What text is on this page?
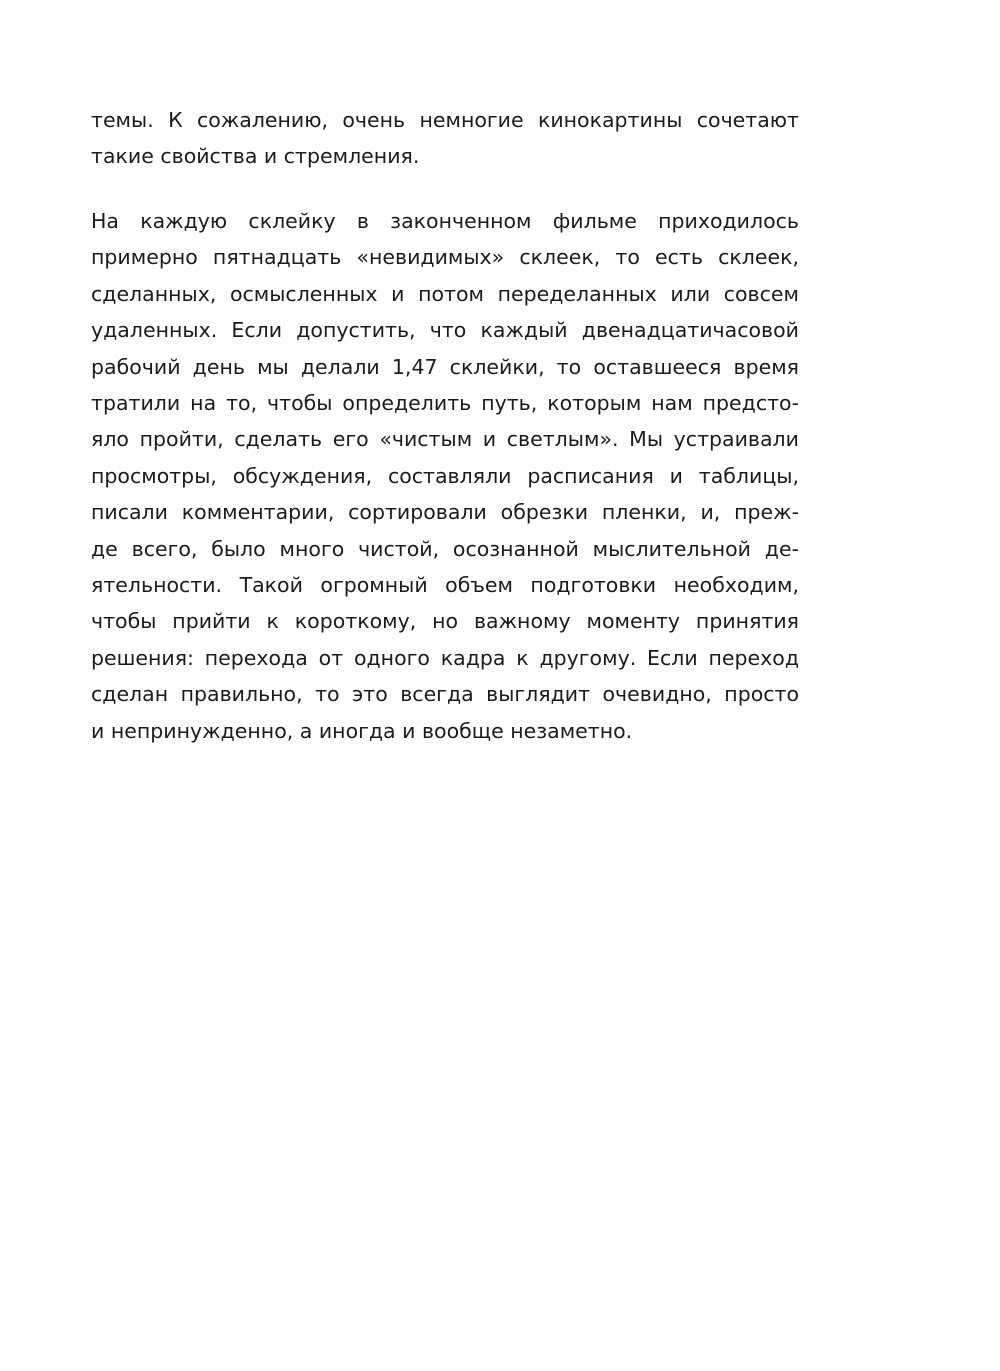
темы. К сожалению, очень немногие кинокартины сочетают
такие свойства и стремления.
На каждую склейку в законченном фильме приходилось
примерно пятнадцать «невидимых» склеек, то есть склеек,
сделанных, осмысленных и потом переделанных или совсем
удаленных. Если допустить, что каждый двенадцатичасовой
рабочий день мы делали 1,47 склейки, то оставшееся время
тратили на то, чтобы определить путь, которым нам предсто-
яло пройти, сделать его «чистым и светлым». Мы устраивали
просмотры, обсуждения, составляли расписания и таблицы,
писали комментарии, сортировали обрезки пленки, и, преж-
де всего, было много чистой, осознанной мыслительной де-
ятельности. Такой огромный объем подготовки необходим,
чтобы прийти к короткому, но важному моменту принятия
решения: перехода от одного кадра к другому. Если переход
сделан правильно, то это всегда выглядит очевидно, просто
и непринужденно, а иногда и вообще незаметно.
